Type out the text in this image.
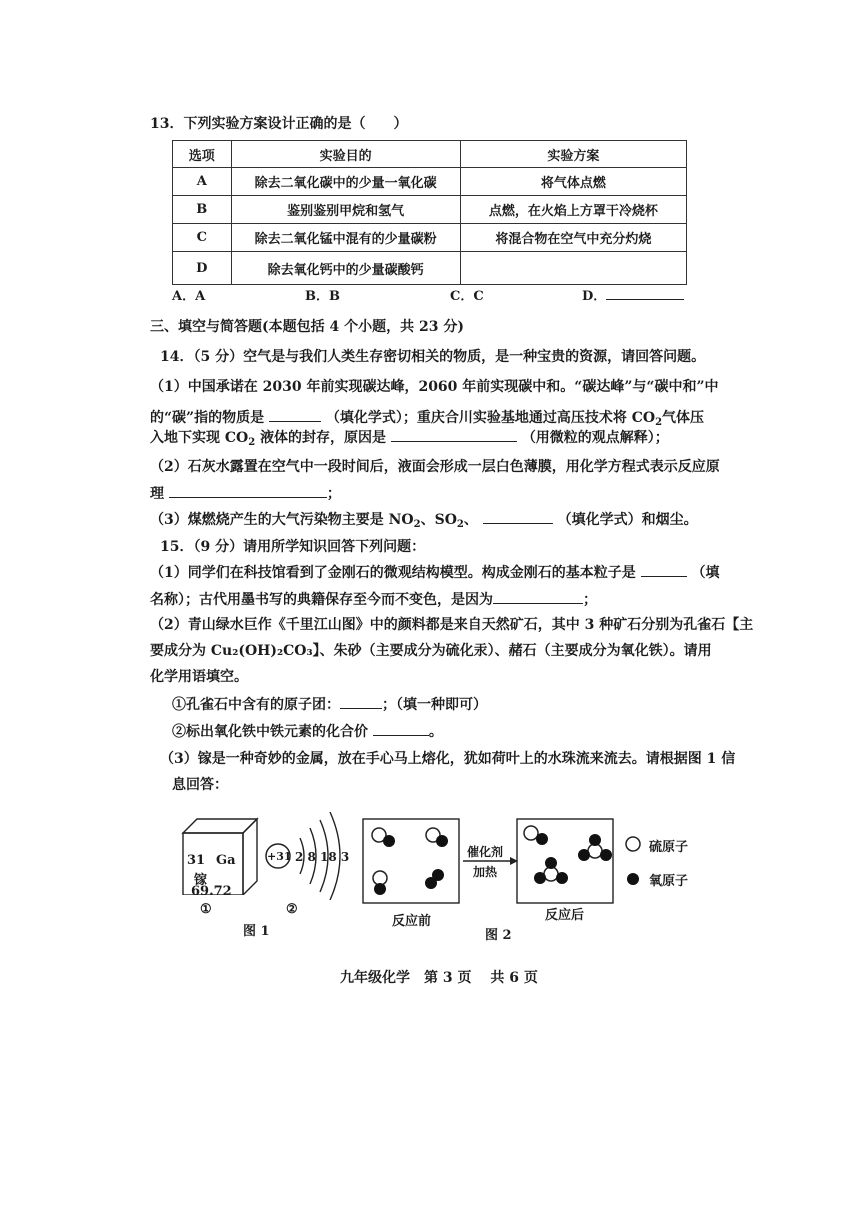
13．下列实验方案设计正确的是（　　）
选项	实验目的	实验方案
A	除去二氧化碳中的少量一氧化碳	将气体点燃
B	鉴别鉴别甲烷和氢气	点燃，在火焰上方罩干冷烧杯
C	除去二氧化锰中混有的少量碳粉	将混合物在空气中充分灼烧
D	除去氧化钙中的少量碳酸钙	
A．A	B．B	C．C	D．
三、填空与简答题(本题包括 4 个小题，共 23 分)
14．（5 分）空气是与我们人类生存密切相关的物质，是一种宝贵的资源，请回答问题。
（1）中国承诺在 2030 年前实现碳达峰，2060 年前实现碳中和。“碳达峰”与“碳中和”中
的“碳”指的物质是	（填化学式）；重庆合川实验基地通过高压技术将 $CO_2$气体压
入地下实现 $CO_2$ 液体的封存，原因是	（用微粒的观点解释）；
（2）石灰水露置在空气中一段时间后，液面会形成一层白色薄膜，用化学方程式表示反应原
理	；
（3）煤燃烧产生的大气污染物主要是 $NO_2$、$SO_2$、	（填化学式）和烟尘。
15．（9 分）请用所学知识回答下列问题：
（1）同学们在科技馆看到了金刚石的微观结构模型。构成金刚石的基本粒子是	（填
名称）；古代用墨书写的典籍保存至今而不变色，是因为	；
（2）青山绿水巨作《千里江山图》中的颜料都是来自天然矿石，其中 3 种矿石分别为孔雀石【主
要成分为 Cu₂(OH)₂CO₃】、朱砂（主要成分为硫化汞）、赭石（主要成分为氧化铁）。请用
化学用语填空。
①孔雀石中含有的原子团：	；（填一种即可）
②标出氧化铁中铁元素的化合价	。
（3）镓是一种奇妙的金属，放在手心马上熔化，犹如荷叶上的水珠流来流去。请根据图 1 信
息回答：
31 Ga
镓
69.72
+31 2 8 18 3
①	②
图 1
催化剂
加热
反应前	反应后
图 2
硫原子
氧原子
九年级化学　第 3 页　 共 6 页
